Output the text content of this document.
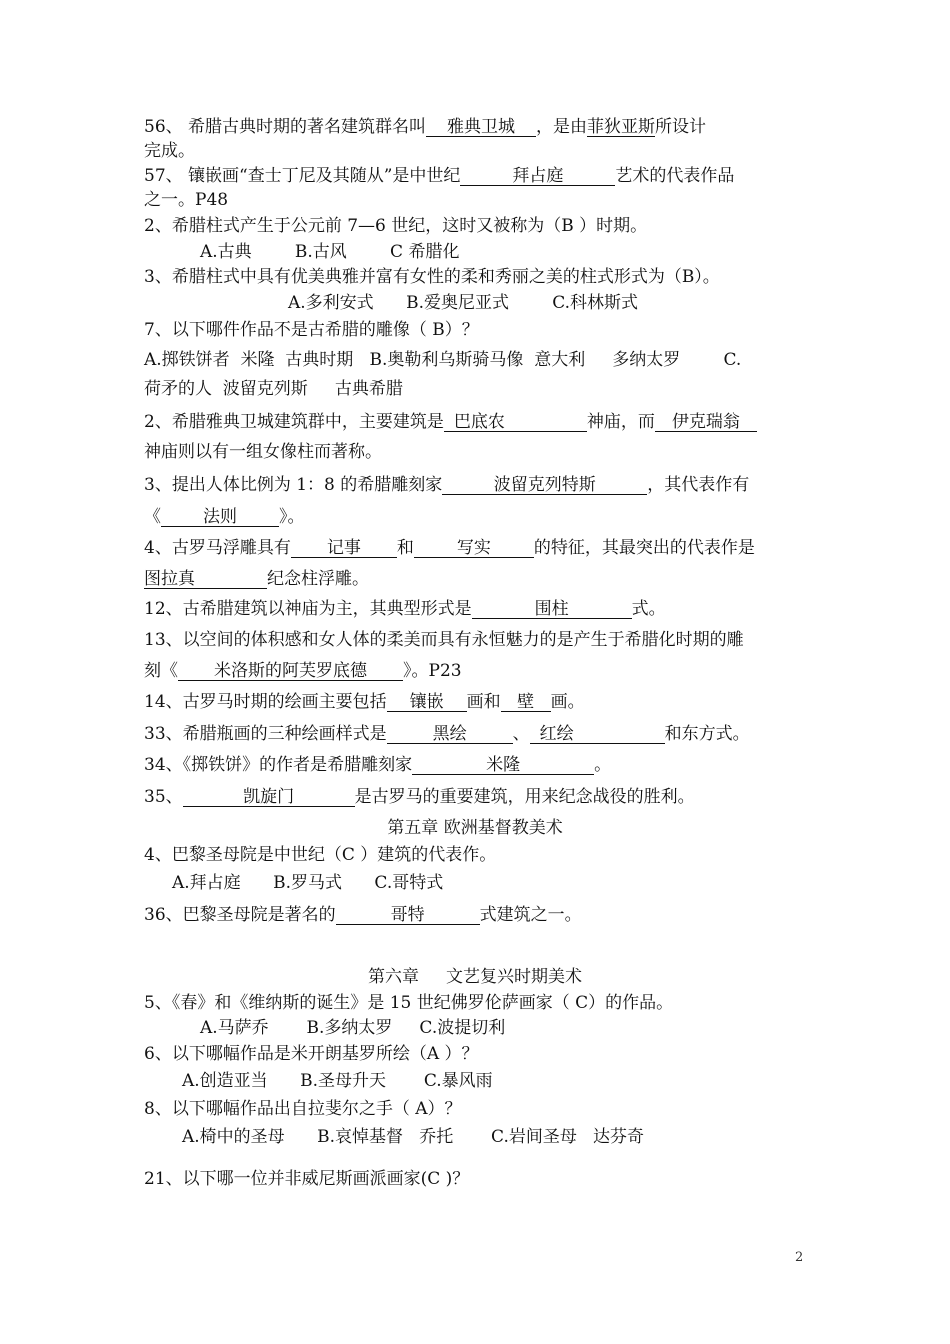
56、 希腊古典时期的著名建筑群名叫 雅典卫城 ，是由菲狄亚斯所设计
完成。
57、 镶嵌画“查士丁尼及其随从”是中世纪	拜占庭	艺术的代表作品
之一。P48
2、希腊柱式产生于公元前 7—6 世纪，这时又被称为（B ）时期。
A.古典        B.古风        C 希腊化
3、希腊柱式中具有优美典雅并富有女性的柔和秀丽之美的柱式形式为（B）。
A.多利安式      B.爱奥尼亚式        C.科林斯式
7、以下哪件作品不是古希腊的雕像（ B）？
A.掷铁饼者  米隆  古典时期   B.奥勒利乌斯骑马像  意大利     多纳太罗        C.
荷矛的人  波留克列斯     古典希腊
2、希腊雅典卫城建筑群中，主要建筑是 巴底农	神庙，而 伊克瑞翁
神庙则以有一组女像柱而著称。
3、提出人体比例为 1：8 的希腊雕刻家	波留克列特斯	，其代表作有
《 法则 》。
4、古罗马浮雕具有 记事 和	写实	的特征，其最突出的代表作是
图拉真	纪念柱浮雕。
12、古希腊建筑以神庙为主，其典型形式是	围柱	式。
13、以空间的体积感和女人体的柔美而具有永恒魅力的是产生于希腊化时期的雕
刻《 米洛斯的阿芙罗底德 》。P23
14、古罗马时期的绘画主要包括 镶嵌 画和 壁 画。
33、希腊瓶画的三种绘画样式是	黑绘	、 红绘	和东方式。
34、《掷铁饼》的作者是希腊雕刻家	米隆	。
35、	凯旋门	是古罗马的重要建筑，用来纪念战役的胜利。
第五章 欧洲基督教美术
4、巴黎圣母院是中世纪（C ）建筑的代表作。
A.拜占庭      B.罗马式      C.哥特式
36、巴黎圣母院是著名的	哥特	式建筑之一。
第六章     文艺复兴时期美术
5、《春》和《维纳斯的诞生》是 15 世纪佛罗伦萨画家（ C）的作品。
A.马萨乔       B.多纳太罗     C.波提切利
6、以下哪幅作品是米开朗基罗所绘（A ）？
A.创造亚当      B.圣母升天       C.暴风雨
8、以下哪幅作品出自拉斐尔之手（ A）？
A.椅中的圣母      B.哀悼基督   乔托       C.岩间圣母   达芬奇
21、以下哪一位并非威尼斯画派画家(C )？
2
